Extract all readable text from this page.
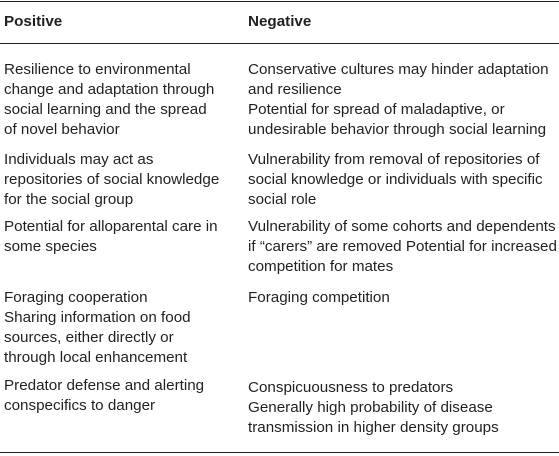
Positive	Negative
Resilience to environmental
change and adaptation through
social learning and the spread
of novel behavior
Conservative cultures may hinder adaptation
and resilience
Potential for spread of maladaptive, or
undesirable behavior through social learning
Individuals may act as
repositories of social knowledge
for the social group
Vulnerability from removal of repositories of
social knowledge or individuals with specific
social role
Potential for alloparental care in
some species
Vulnerability of some cohorts and dependents
if “carers” are removed Potential for increased
competition for mates
Foraging cooperation
Sharing information on food
sources, either directly or
through local enhancement
Foraging competition
Predator defense and alerting
conspecifics to danger
Conspicuousness to predators
Generally high probability of disease
transmission in higher density groups
